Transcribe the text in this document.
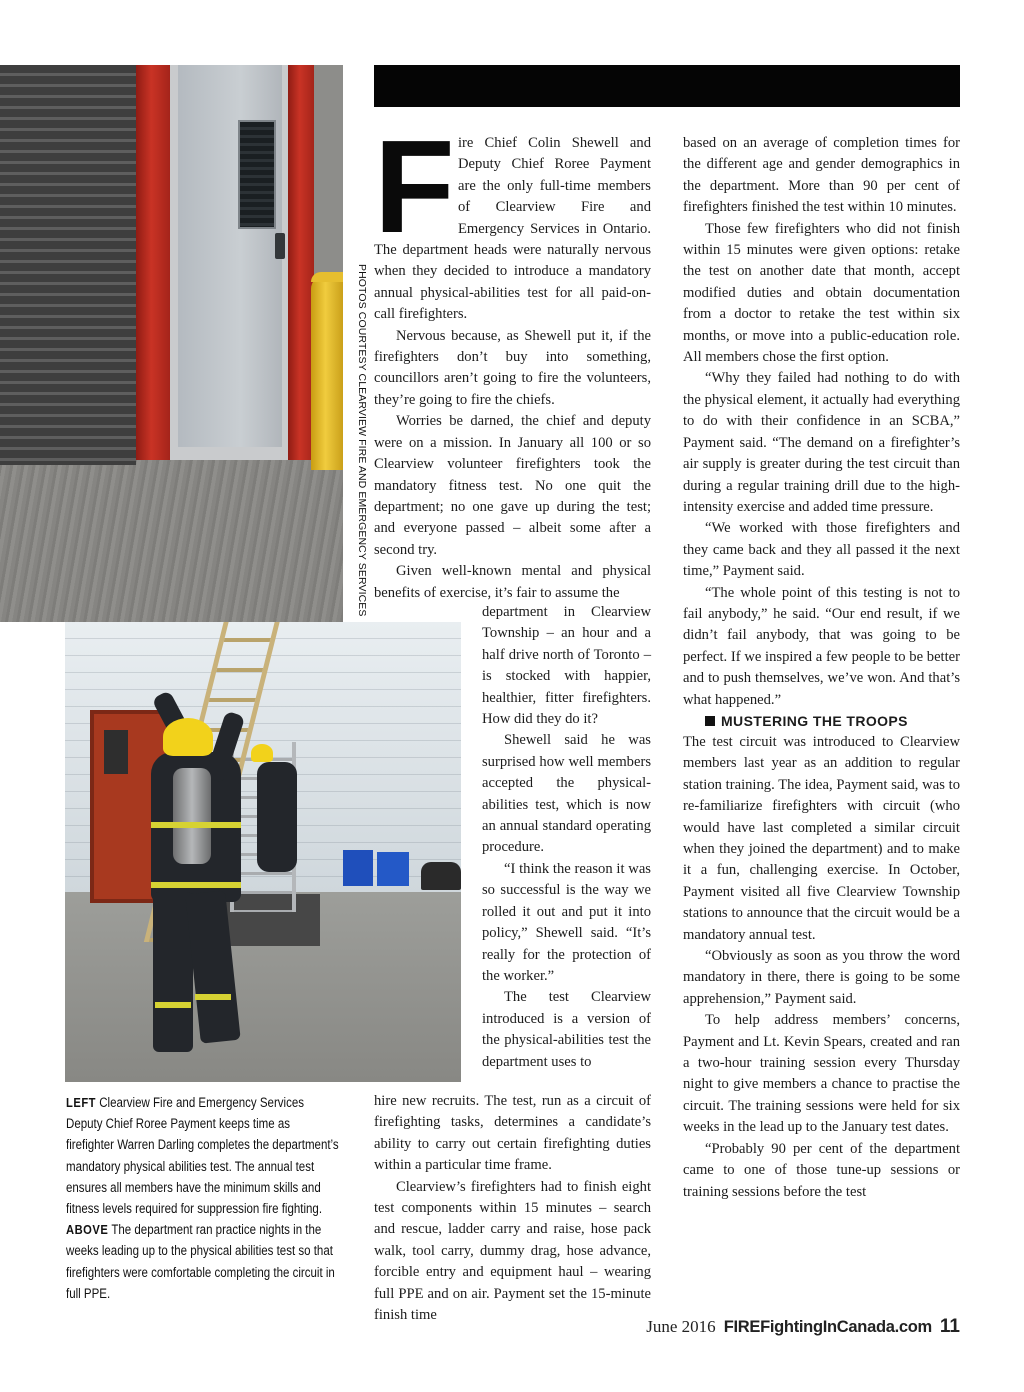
PHOTOS COURTESY CLEARVIEW FIRE AND EMERGENCY SERVICES

Fire Chief Colin Shewell and Deputy Chief Roree Payment are the only full-time members of Clearview Fire and Emergency Services in Ontario. The department heads were naturally nervous when they decided to introduce a mandatory annual physical-abilities test for all paid-on-call firefighters.

Nervous because, as Shewell put it, if the firefighters don’t buy into something, councillors aren’t going to fire the volunteers, they’re going to fire the chiefs.

Worries be darned, the chief and deputy were on a mission. In January all 100 or so Clearview volunteer firefighters took the mandatory fitness test. No one quit the department; no one gave up during the test; and everyone passed – albeit some after a second try.

Given well-known mental and physical benefits of exercise, it’s fair to assume the

department in Clearview Township – an hour and a half drive north of Toronto – is stocked with happier, healthier, fitter firefighters. How did they do it?

Shewell said he was surprised how well members accepted the physical-abilities test, which is now an annual standard operating procedure.

“I think the reason it was so successful is the way we rolled it out and put it into policy,” Shewell said. “It’s really for the protection of the worker.”

The test Clearview introduced is a version of the physical-abilities test the department uses to

hire new recruits. The test, run as a circuit of firefighting tasks, determines a candidate’s ability to carry out certain firefighting duties within a particular time frame.

Clearview’s firefighters had to finish eight test components within 15 minutes – search and rescue, ladder carry and raise, hose pack walk, tool carry, dummy drag, hose advance, forcible entry and equipment haul – wearing full PPE and on air. Payment set the 15-minute finish time

based on an average of completion times for the different age and gender demographics in the department. More than 90 per cent of firefighters finished the test within 10 minutes.

Those few firefighters who did not finish within 15 minutes were given options: retake the test on another date that month, accept modified duties and obtain documentation from a doctor to retake the test within six months, or move into a public-education role. All members chose the first option.

“Why they failed had nothing to do with the physical element, it actually had everything to do with their confidence in an SCBA,” Payment said. “The demand on a firefighter’s air supply is greater during the test circuit than during a regular training drill due to the high-intensity exercise and added time pressure.

“We worked with those firefighters and they came back and they all passed it the next time,” Payment said.

“The whole point of this testing is not to fail anybody,” he said. “Our end result, if we didn’t fail anybody, that was going to be perfect. If we inspired a few people to be better and to push themselves, we’ve won. And that’s what happened.”

MUSTERING THE TROOPS

The test circuit was introduced to Clearview members last year as an addition to regular station training. The idea, Payment said, was to re-familiarize firefighters with circuit (who would have last completed a similar circuit when they joined the department) and to make it a fun, challenging exercise. In October, Payment visited all five Clearview Township stations to announce that the circuit would be a mandatory annual test.

“Obviously as soon as you throw the word mandatory in there, there is going to be some apprehension,” Payment said.

To help address members’ concerns, Payment and Lt. Kevin Spears, created and ran a two-hour training session every Thursday night to give members a chance to practise the circuit. The training sessions were held for six weeks in the lead up to the January test dates.

“Probably 90 per cent of the department came to one of those tune-up sessions or training sessions before the test

LEFT Clearview Fire and Emergency Services Deputy Chief Roree Payment keeps time as firefighter Warren Darling completes the department’s mandatory physical abilities test. The annual test ensures all members have the minimum skills and fitness levels required for suppression fire fighting.

ABOVE The department ran practice nights in the weeks leading up to the physical abilities test so that firefighters were comfortable completing the circuit in full PPE.

June 2016 FIREFightingInCanada.com 11
